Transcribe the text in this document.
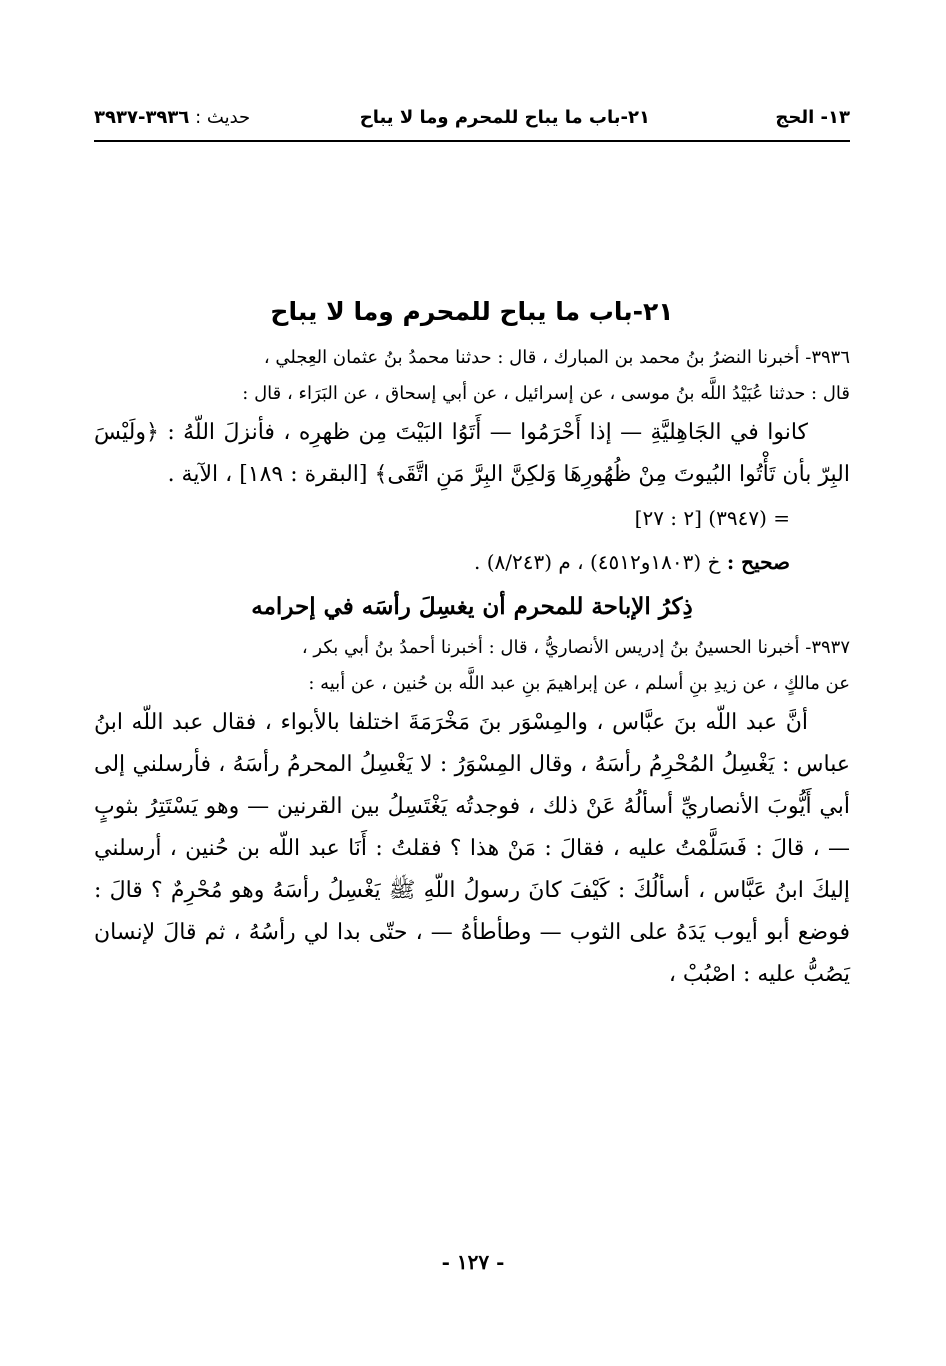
١٣- الحج
٢١-باب ما يباح للمحرم وما لا يباح
حديث : ٣٩٣٦-٣٩٣٧
٢١-باب ما يباح للمحرم وما لا يباح

٣٩٣٦- أخبرنا النضرُ بنُ محمد بن المبارك ، قال : حدثنا محمدُ بنُ عثمان العِجلي ،

قال : حدثنا عُبَيْدُ اللَّه بنُ موسى ، عن إسرائيل ، عن أبي إسحاق ، عن البَرَاء ، قال :

كانوا في الجَاهِليَّةِ — إذا أَحْرَمُوا — أَتَوُا البَيْتَ مِن ظهرِه ، فأنزلَ اللّهُ : ﴿ولَيْسَ البِرّ بأن تَأْتُوا البُيوتَ مِنْ ظُهُورِهَا وَلكِنَّ البِرَّ مَنِ اتَّقَى﴾ [البقرة : ١٨٩] ، الآية .

= (٣٩٤٧) [٢ : ٢٧]

صحيح : خ (١٨٠٣و٤٥١٢) ، م (٨/٢٤٣) .

ذِكرُ الإباحة للمحرم أن يغسِلَ رأسَه في إحرامه

٣٩٣٧- أخبرنا الحسينُ بنُ إدريس الأنصاريُّ ، قال : أخبرنا أحمدُ بنُ أبي بكر ،

عن مالكٍ ، عن زيدِ بنِ أسلم ، عن إبراهيمَ بنِ عبد اللَّه بن حُنين ، عن أبيه :

أنَّ عبد اللّه بنَ عبَّاس ، والمِسْوَر بنَ مَخْرَمَةَ اختلفا بالأبواء ، فقال عبد اللّه ابنُ عباس : يَغْسِلُ المُحْرِمُ رأسَهُ ، وقال المِسْوَرُ : لا يَغْسِلُ المحرمُ رأسَهُ ، فأرسلني إلى أبي أَيُّوبَ الأنصاريِّ أسألُهُ عَنْ ذلك ، فوجدتُه يَغْتَسِلُ بين القرنين — وهو يَسْتَتِرُ بثوبٍ — ، قالَ : فَسَلَّمْتُ عليه ، فقالَ : مَنْ هذا ؟ فقلتُ : أَنَا عبد اللّه بن حُنين ، أرسلني إليكَ ابنُ عَبَّاس ، أسألُكَ : كَيْفَ كانَ رسولُ اللّهِ ﷺ يَغْسِلُ رأسَهُ وهو مُحْرِمٌ ؟ قالَ : فوضع أبو أيوب يَدَهُ على الثوب — وطأطأهُ — ، حتّى بدا لي رأسُهُ ، ثم قالَ لإنسان يَصُبُّ عليه : اصْبُبْ ،

- ١٢٧ -
